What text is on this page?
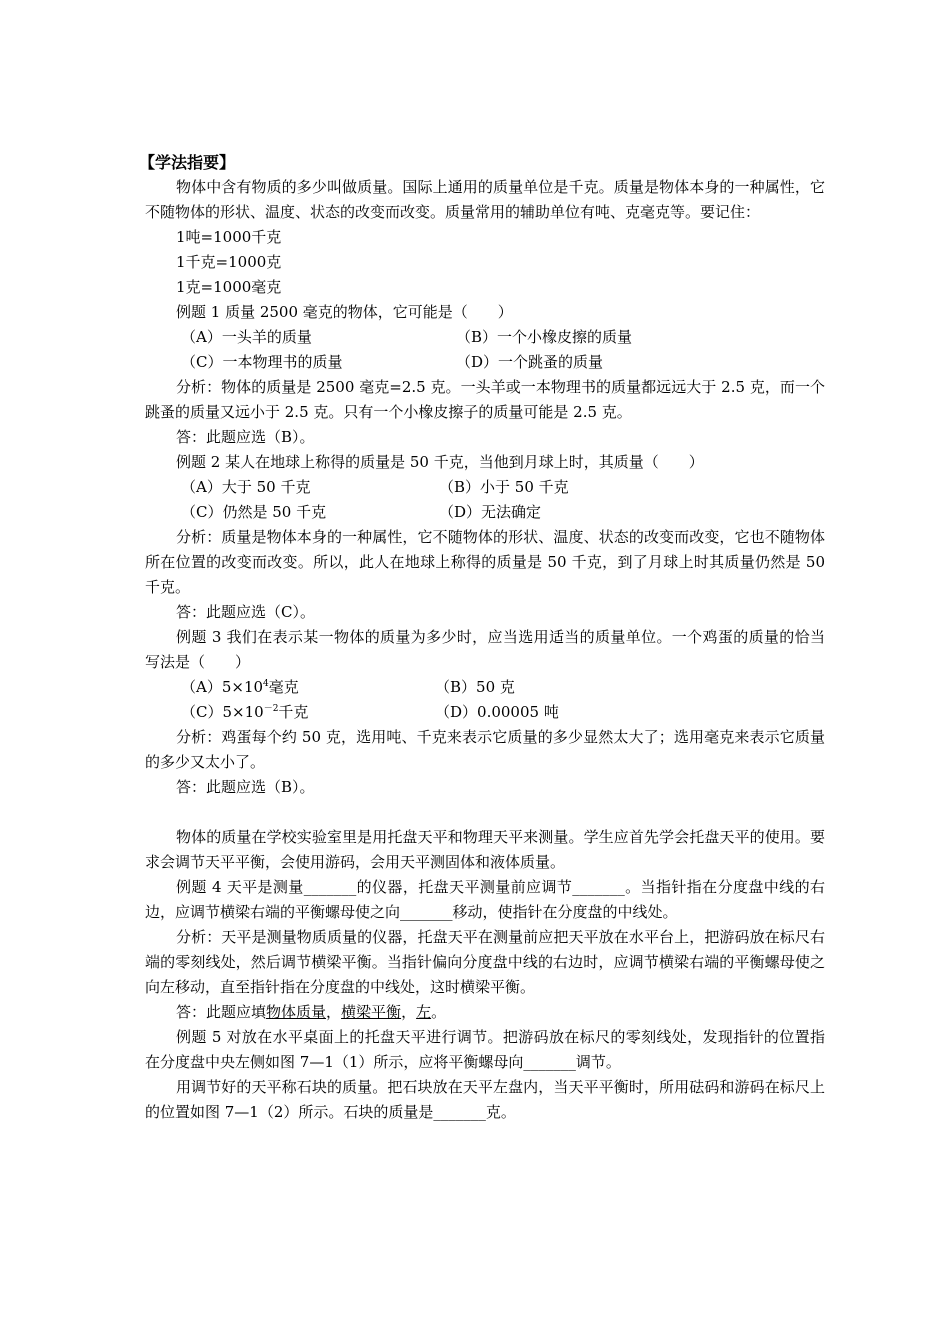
【学法指要】
物体中含有物质的多少叫做质量。国际上通用的质量单位是千克。质量是物体本身的一种属性，它不随物体的形状、温度、状态的改变而改变。质量常用的辅助单位有吨、克毫克等。要记住：
1吨=1000千克
1千克=1000克
1克=1000毫克
例题 1 质量 2500 毫克的物体，它可能是（　　）
（A）一头羊的质量	（B）一个小橡皮擦的质量
（C）一本物理书的质量	（D）一个跳蚤的质量
分析：物体的质量是 2500 毫克=2.5 克。一头羊或一本物理书的质量都远远大于 2.5 克，而一个跳蚤的质量又远小于 2.5 克。只有一个小橡皮擦子的质量可能是 2.5 克。
答：此题应选（B）。
例题 2 某人在地球上称得的质量是 50 千克，当他到月球上时，其质量（　　）
（A）大于 50 千克	（B）小于 50 千克
（C）仍然是 50 千克	（D）无法确定
分析：质量是物体本身的一种属性，它不随物体的形状、温度、状态的改变而改变，它也不随物体所在位置的改变而改变。所以，此人在地球上称得的质量是 50 千克，到了月球上时其质量仍然是 50 千克。
答：此题应选（C）。
例题 3 我们在表示某一物体的质量为多少时，应当选用适当的质量单位。一个鸡蛋的质量的恰当写法是（　　）
$(A)5\times 10^4$毫克	（B）50 克
$(C)5\times 10^{-2}$千克	（D）0.00005 吨
分析：鸡蛋每个约 50 克，选用吨、千克来表示它质量的多少显然太大了；选用毫克来表示它质量的多少又太小了。
答：此题应选（B）。
物体的质量在学校实验室里是用托盘天平和物理天平来测量。学生应首先学会托盘天平的使用。要求会调节天平平衡，会使用游码，会用天平测固体和液体质量。
例题 4 天平是测量_______的仪器，托盘天平测量前应调节_______。当指针指在分度盘中线的右边，应调节横梁右端的平衡螺母使之向_______移动，使指针在分度盘的中线处。
分析：天平是测量物质质量的仪器，托盘天平在测量前应把天平放在水平台上，把游码放在标尺右端的零刻线处，然后调节横梁平衡。当指针偏向分度盘中线的右边时，应调节横梁右端的平衡螺母使之向左移动，直至指针指在分度盘的中线处，这时横梁平衡。
答：此题应填物体质量，横梁平衡，左。
例题 5 对放在水平桌面上的托盘天平进行调节。把游码放在标尺的零刻线处，发现指针的位置指在分度盘中央左侧如图 7—1（1）所示，应将平衡螺母向_______调节。
用调节好的天平称石块的质量。把石块放在天平左盘内，当天平平衡时，所用砝码和游码在标尺上的位置如图 7—1（2）所示。石块的质量是_______克。
